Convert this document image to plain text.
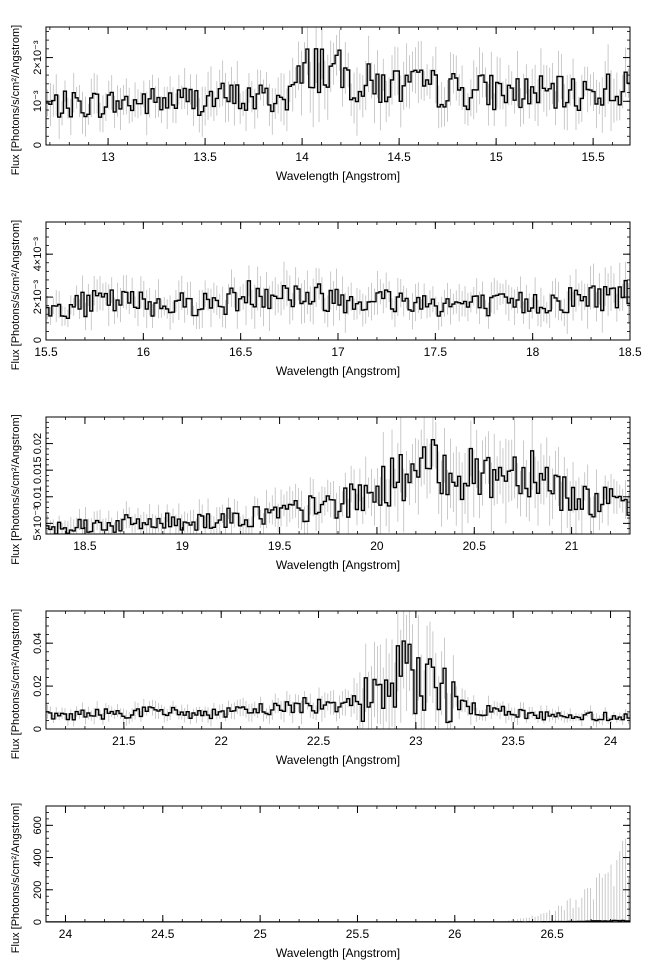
13	13.5	14	14.5	15	15.5
0
10⁻³
2×10⁻³
Wavelength [Angstrom]
Flux [Photons/s/cm²/Angstrom]
15.5	16	16.5	17	17.5	18	18.5
0
2×10⁻³
4×10⁻³
Wavelength [Angstrom]
Flux [Photons/s/cm²/Angstrom]
18.5	19	19.5	20	20.5	21
5×10⁻³
0.01
0.015
0.02
Wavelength [Angstrom]
Flux [Photons/s/cm²/Angstrom]
21.5	22	22.5	23	23.5	24
0
0.02
0.04
Wavelength [Angstrom]
Flux [Photons/s/cm²/Angstrom]
24	24.5	25	25.5	26	26.5
0
200
400
600
Wavelength [Angstrom]
Flux [Photons/s/cm²/Angstrom]
